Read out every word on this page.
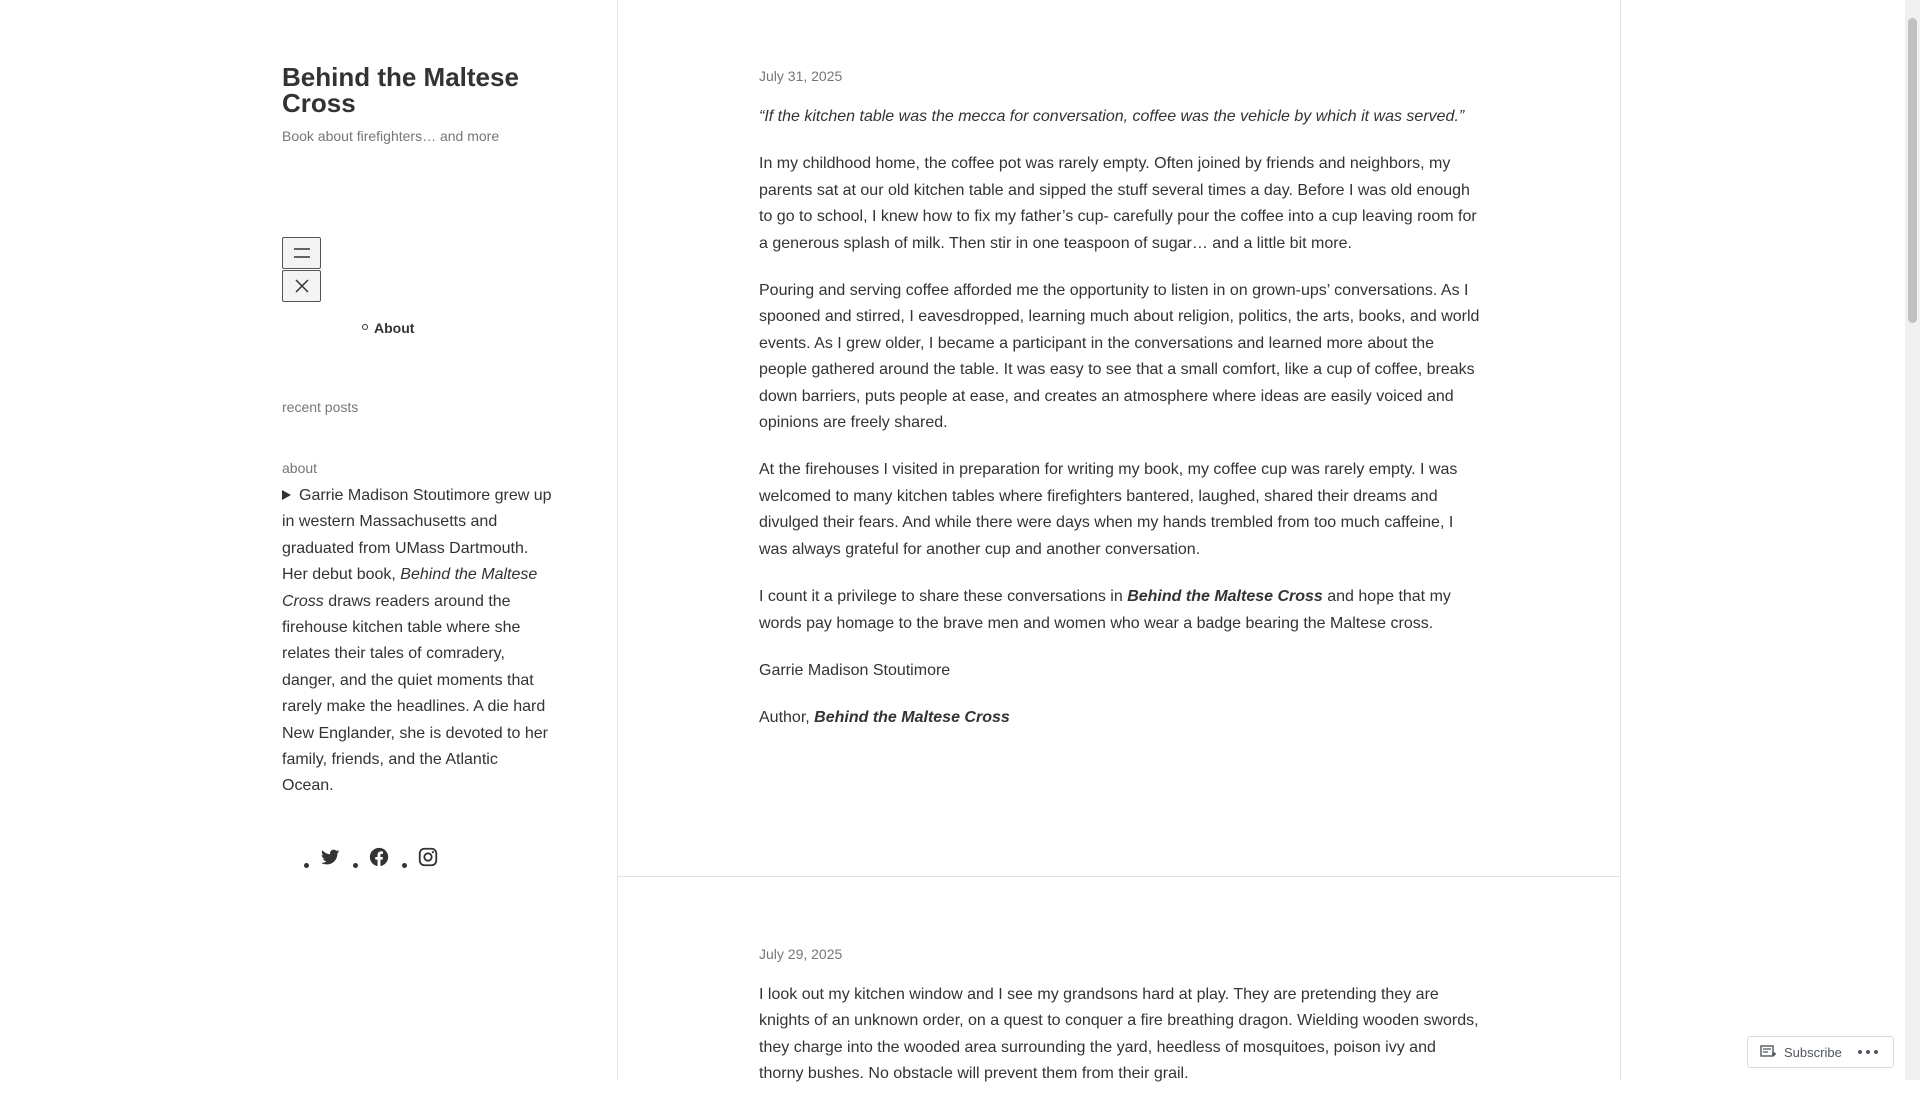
Behind the Maltese Cross
Book about firefighters… and more
About
recent posts
about
Garrie Madison Stoutimore grew up in western Massachusetts and graduated from UMass Dartmouth. Her debut book, Behind the Maltese Cross draws readers around the firehouse kitchen table where she relates their tales of comradery, danger, and the quiet moments that rarely make the headlines. A die hard New Englander, she is devoted to her family, friends, and the Atlantic Ocean.
July 31, 2025

“If the kitchen table was the mecca for conversation, coffee was the vehicle by which it was served.”

In my childhood home, the coffee pot was rarely empty. Often joined by friends and neighbors, my parents sat at our old kitchen table and sipped the stuff several times a day. Before I was old enough to go to school, I knew how to fix my father’s cup- carefully pour the coffee into a cup leaving room for a generous splash of milk. Then stir in one teaspoon of sugar… and a little bit more.

Pouring and serving coffee afforded me the opportunity to listen in on grown-ups’ conversations. As I spooned and stirred, I eavesdropped, learning much about religion, politics, the arts, books, and world events. As I grew older, I became a participant in the conversations and learned more about the people gathered around the table. It was easy to see that a small comfort, like a cup of coffee, breaks down barriers, puts people at ease, and creates an atmosphere where ideas are easily voiced and opinions are freely shared.

At the firehouses I visited in preparation for writing my book, my coffee cup was rarely empty. I was welcomed to many kitchen tables where firefighters bantered, laughed, shared their dreams and divulged their fears. And while there were days when my hands trembled from too much caffeine, I was always grateful for another cup and another conversation.

I count it a privilege to share these conversations in Behind the Maltese Cross and hope that my words pay homage to the brave men and women who wear a badge bearing the Maltese cross.

Garrie Madison Stoutimore

Author, Behind the Maltese Cross

July 29, 2025

I look out my kitchen window and I see my grandsons hard at play. They are pretending they are knights of an unknown order, on a quest to conquer a fire breathing dragon. Wielding wooden swords, they charge into the wooded area surrounding the yard, heedless of mosquitoes, poison ivy and thorny bushes. No obstacle will prevent them from their grail.

Subscribe
